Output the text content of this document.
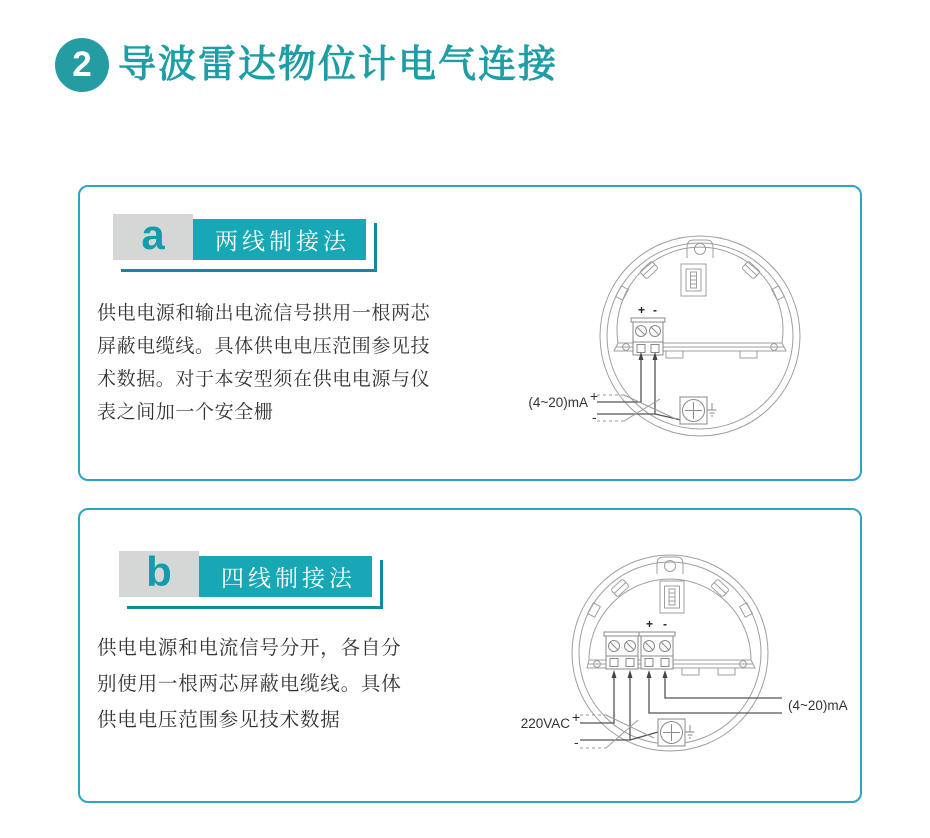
2 导波雷达物位计电气连接
a	两线制接法

供电电源和输出电流信号拱用一根两芯屏蔽电缆线。具体供电电压范围参见技术数据。对于本安型须在供电电源与仪表之间加一个安全栅

+ -
(4~20)mA +
-
b	四线制接法

供电电源和电流信号分开，各自分别使用一根两芯屏蔽电缆线。具体供电电压范围参见技术数据

+ -
220VAC +
-
(4~20)mA
